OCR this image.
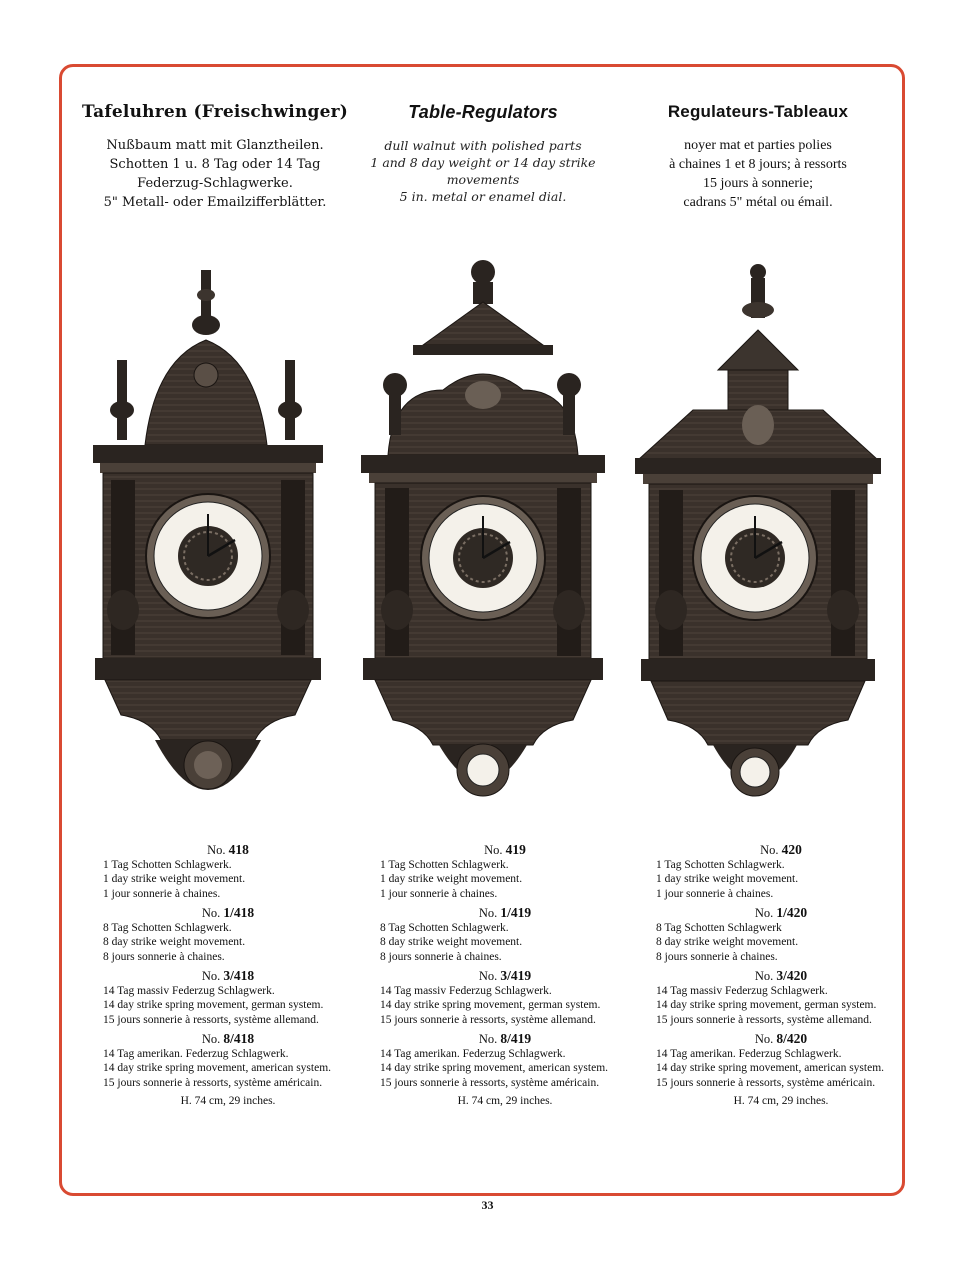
Tafeluhren (Freischwinger)
Nußbaum matt mit Glanztheilen.
Schotten 1 u. 8 Tag oder 14 Tag
Federzug-Schlagwerke.
5" Metall- oder Emailzifferblätter.
Table-Regulators
dull walnut with polished parts
1 and 8 day weight or 14 day strike
movements
5 in. metal or enamel dial.
Regulateurs-Tableaux
noyer mat et parties polies
à chaines 1 et 8 jours; à ressorts
15 jours à sonnerie;
cadrans 5" métal ou émail.
No. 418
1 Tag Schotten Schlagwerk.
1 day strike weight movement.
1 jour sonnerie à chaines.
No. 1/418
8 Tag Schotten Schlagwerk.
8 day strike weight movement.
8 jours sonnerie à chaines.
No. 3/418
14 Tag massiv Federzug Schlagwerk.
14 day strike spring movement, german system.
15 jours sonnerie à ressorts, système allemand.
No. 8/418
14 Tag amerikan. Federzug Schlagwerk.
14 day strike spring movement, american system.
15 jours sonnerie à ressorts, système américain.
H. 74 cm, 29 inches.
No. 419
1 Tag Schotten Schlagwerk.
1 day strike weight movement.
1 jour sonnerie à chaines.
No. 1/419
8 Tag Schotten Schlagwerk.
8 day strike weight movement.
8 jours sonnerie à chaines.
No. 3/419
14 Tag massiv Federzug Schlagwerk.
14 day strike spring movement, german system.
15 jours sonnerie à ressorts, système allemand.
No. 8/419
14 Tag amerikan. Federzug Schlagwerk.
14 day strike spring movement, american system.
15 jours sonnerie à ressorts, système américain.
H. 74 cm, 29 inches.
No. 420
1 Tag Schotten Schlagwerk.
1 day strike weight movement.
1 jour sonnerie à chaines.
No. 1/420
8 Tag Schotten Schlagwerk
8 day strike weight movement.
8 jours sonnerie à chaines.
No. 3/420
14 Tag massiv Federzug Schlagwerk.
14 day strike spring movement, german system.
15 jours sonnerie à ressorts, système allemand.
No. 8/420
14 Tag amerikan. Federzug Schlagwerk.
14 day strike spring movement, american system.
15 jours sonnerie à ressorts, système américain.
H. 74 cm, 29 inches.
33
